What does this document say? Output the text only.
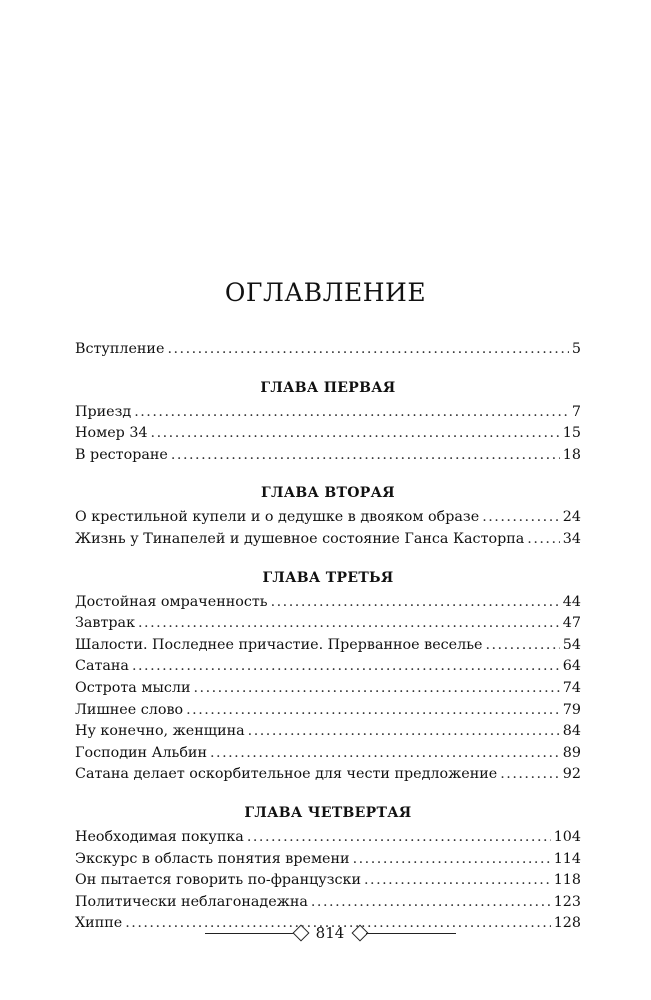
ОГЛАВЛЕНИЕ
Вступление .....	5
ГЛАВА ПЕРВАЯ
Приезд .....	7
Номер 34 .....	15
В ресторане .....	18
ГЛАВА ВТОРАЯ
О крестильной купели и о дедушке в двояком образе .....	24
Жизнь у Тинапелей и душевное состояние Ганса Касторпа .....	34
ГЛАВА ТРЕТЬЯ
Достойная омраченность .....	44
Завтрак .....	47
Шалости. Последнее причастие. Прерванное веселье .....	54
Сатана .....	64
Острота мысли .....	74
Лишнее слово .....	79
Ну конечно, женщина .....	84
Господин Альбин .....	89
Сатана делает оскорбительное для чести предложение .....	92
ГЛАВА ЧЕТВЕРТАЯ
Необходимая покупка .....	104
Экскурс в область понятия времени .....	114
Он пытается говорить по-французски .....	118
Политически неблагонадежна .....	123
Хиппе .....	128
814
